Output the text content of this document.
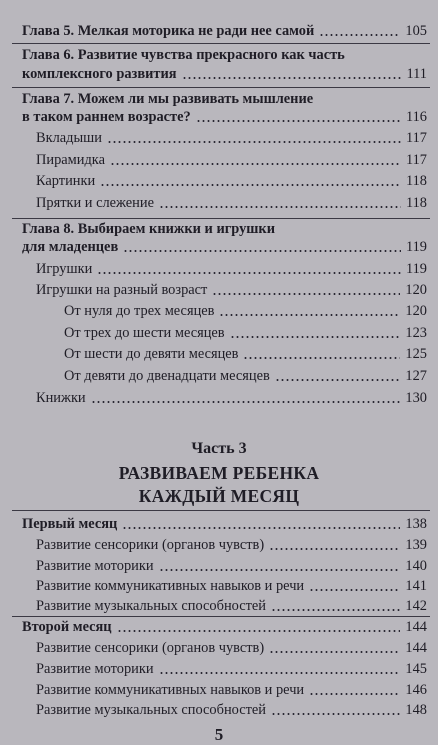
Глава 5. Мелкая моторика не ради нее самой	105
Глава 6. Развитие чувства прекрасного как часть
комплексного развития	111
Глава 7. Можем ли мы развивать мышление
в таком раннем возрасте?	116
Вкладыши	117
Пирамидка	117
Картинки	118
Прятки и слежение	118
Глава 8. Выбираем книжки и игрушки
для младенцев	119
Игрушки	119
Игрушки на разный возраст	120
От нуля до трех месяцев	120
От трех до шести месяцев	123
От шести до девяти месяцев	125
От девяти до двенадцати месяцев	127
Книжки	130
Часть 3
РАЗВИВАЕМ РЕБЕНКА
КАЖДЫЙ МЕСЯЦ
Первый месяц	138
Развитие сенсорики (органов чувств)	139
Развитие моторики	140
Развитие коммуникативных навыков и речи	141
Развитие музыкальных способностей	142
Второй месяц	144
Развитие сенсорики (органов чувств)	144
Развитие моторики	145
Развитие коммуникативных навыков и речи	146
Развитие музыкальных способностей	148
5
